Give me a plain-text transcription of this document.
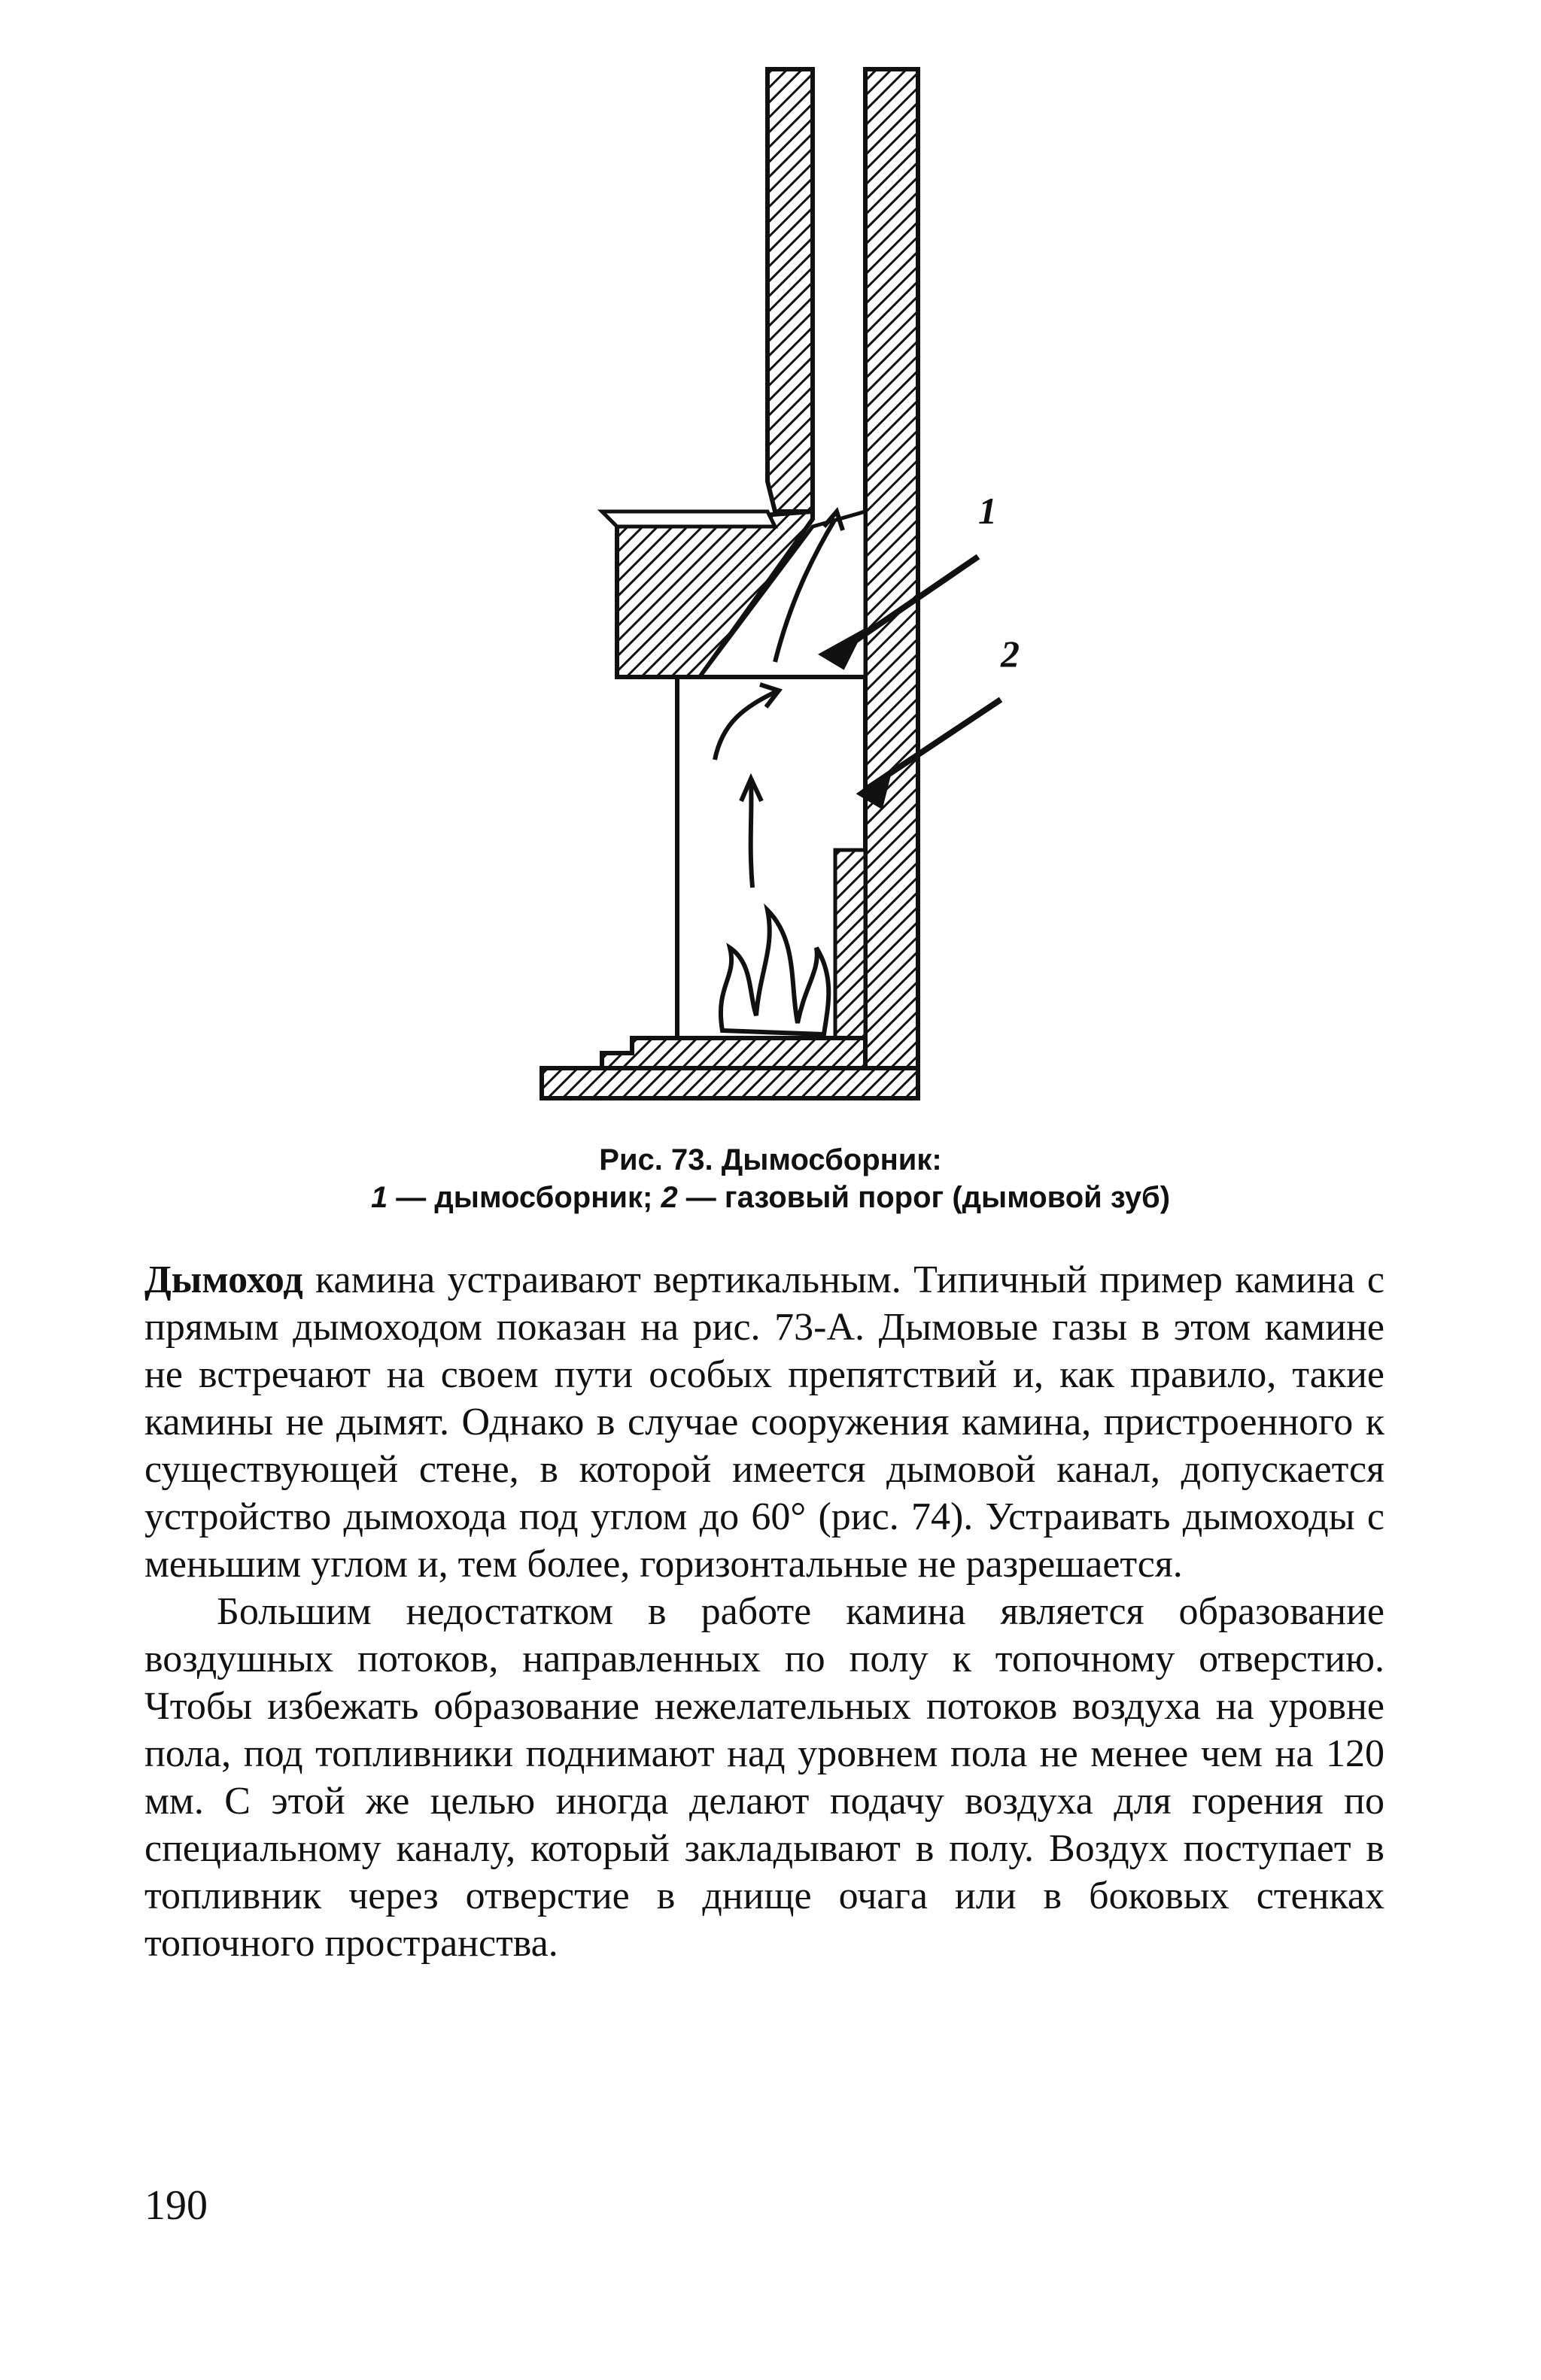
1
2
Рис. 73. Дымосборник:
1 — дымосборник; 2 — газовый порог (дымовой зуб)

Дымоход камина устраивают вертикальным. Типичный пример камина с прямым дымоходом показан на рис. 73-А. Дымовые газы в этом камине не встречают на своем пути особых препятствий и, как правило, такие камины не дымят. Однако в случае сооружения камина, пристроенного к существующей стене, в которой имеется дымовой канал, допускается устройство дымохода под углом до 60° (рис. 74). Устраивать дымоходы с меньшим углом и, тем более, горизонтальные не разрешается.

Большим недостатком в работе камина является образование воздушных потоков, направленных по полу к топочному отверстию. Чтобы избежать образование нежелательных потоков воздуха на уровне пола, под топливники поднимают над уровнем пола не менее чем на 120 мм. С этой же целью иногда делают подачу воздуха для горения по специальному каналу, который закладывают в полу. Воздух поступает в топливник через отверстие в днище очага или в боковых стенках топочного пространства.

190
